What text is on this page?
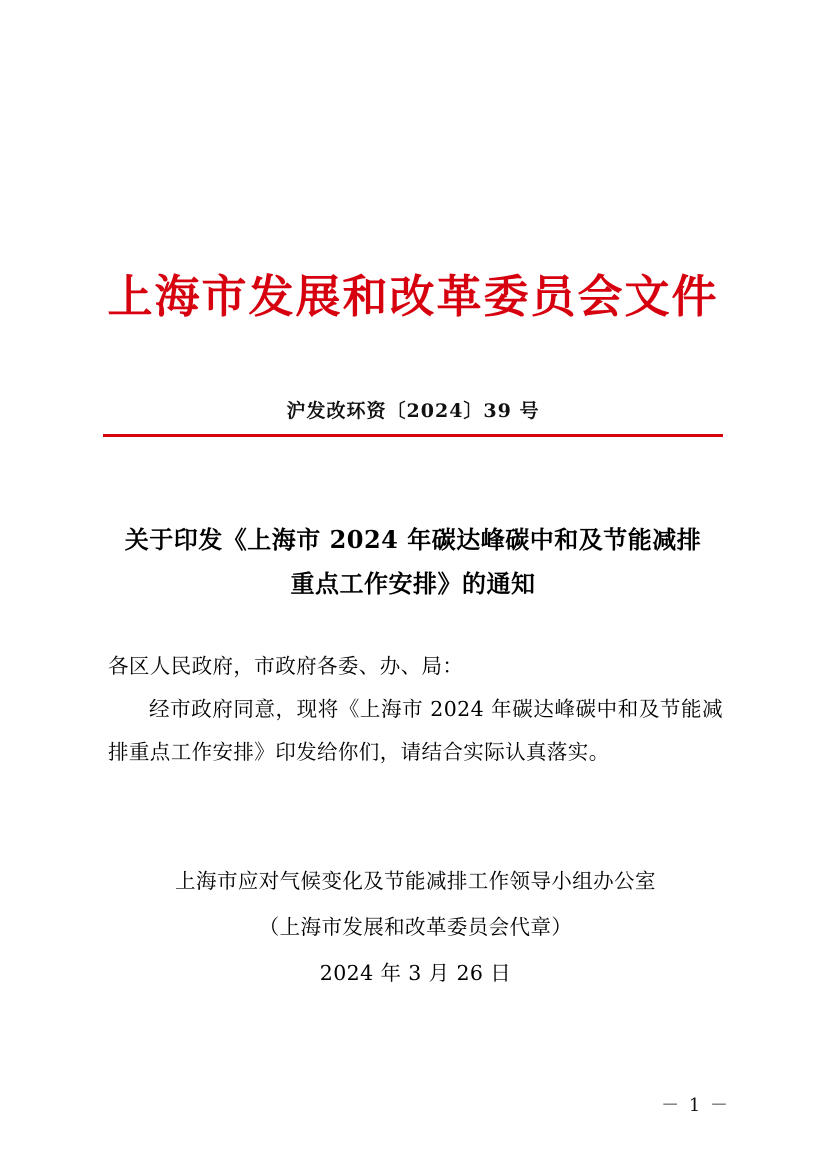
上海市发展和改革委员会文件
沪发改环资〔2024〕39 号
关于印发《上海市 2024 年碳达峰碳中和及节能减排
重点工作安排》的通知

各区人民政府，市政府各委、办、局：

经市政府同意，现将《上海市 2024 年碳达峰碳中和及节能减排重点工作安排》印发给你们，请结合实际认真落实。

上海市应对气候变化及节能减排工作领导小组办公室
（上海市发展和改革委员会代章）
2024 年 3 月 26 日
－ 1 －
